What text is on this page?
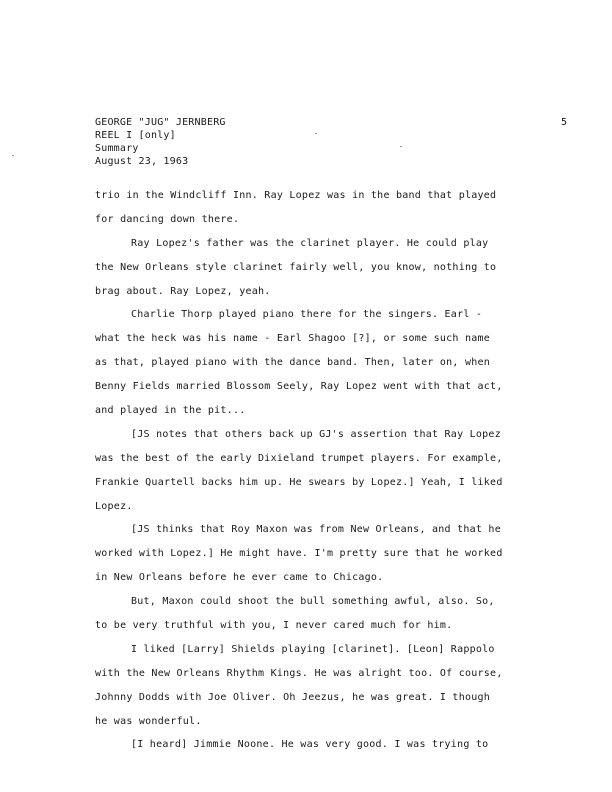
GEORGE "JUG" JERNBERG
REEL I [only]
Summary
August 23, 1963
5
trio in the Windcliff Inn. Ray Lopez was in the band that played
for dancing down there.
Ray Lopez's father was the clarinet player. He could play
the New Orleans style clarinet fairly well, you know, nothing to
brag about. Ray Lopez, yeah.
Charlie Thorp played piano there for the singers. Earl -
what the heck was his name - Earl Shagoo [?], or some such name
as that, played piano with the dance band. Then, later on, when
Benny Fields married Blossom Seely, Ray Lopez went with that act,
and played in the pit...
[JS notes that others back up GJ's assertion that Ray Lopez
was the best of the early Dixieland trumpet players. For example,
Frankie Quartell backs him up. He swears by Lopez.] Yeah, I liked
Lopez.
[JS thinks that Roy Maxon was from New Orleans, and that he
worked with Lopez.] He might have. I'm pretty sure that he worked
in New Orleans before he ever came to Chicago.
But, Maxon could shoot the bull something awful, also. So,
to be very truthful with you, I never cared much for him.
I liked [Larry] Shields playing [clarinet]. [Leon] Rappolo
with the New Orleans Rhythm Kings. He was alright too. Of course,
Johnny Dodds with Joe Oliver. Oh Jeezus, he was great. I though
he was wonderful.
[I heard] Jimmie Noone. He was very good. I was trying to
